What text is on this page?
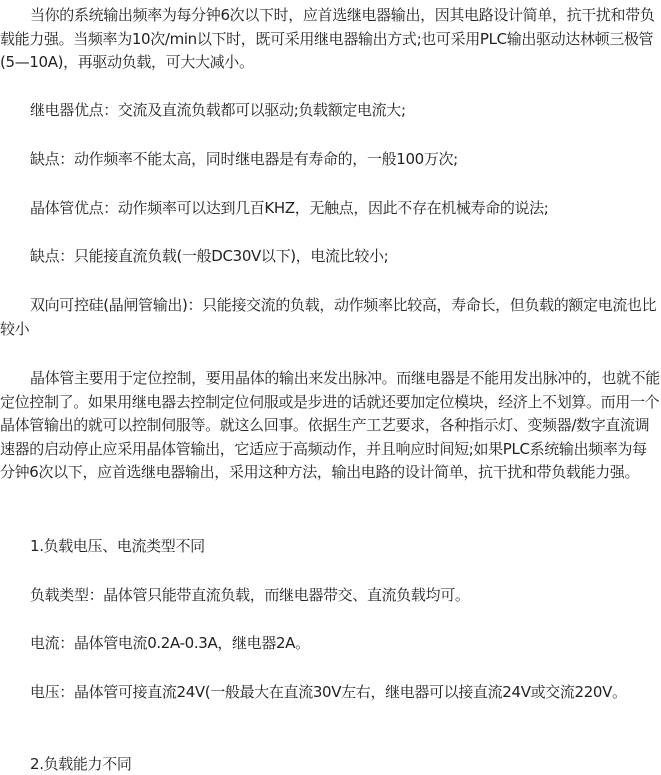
当你的系统输出频率为每分钟6次以下时，应首选继电器输出，因其电路设计简单，抗干扰和带负载能力强。当频率为10次/min以下时，既可采用继电器输出方式;也可采用PLC输出驱动达林顿三极管(5—10A)，再驱动负载，可大大减小。

继电器优点：交流及直流负载都可以驱动;负载额定电流大;

缺点：动作频率不能太高，同时继电器是有寿命的，一般100万次;

晶体管优点：动作频率可以达到几百KHZ，无触点，因此不存在机械寿命的说法;

缺点：只能接直流负载(一般DC30V以下)，电流比较小;

双向可控硅(晶闸管输出)：只能接交流的负载，动作频率比较高，寿命长，但负载的额定电流也比较小

晶体管主要用于定位控制，要用晶体的输出来发出脉冲。而继电器是不能用发出脉冲的，也就不能定位控制了。如果用继电器去控制定位伺服或是步进的话就还要加定位模块，经济上不划算。而用一个晶体管输出的就可以控制伺服等。就这么回事。依据生产工艺要求，各种指示灯、变频器/数字直流调速器的启动停止应采用晶体管输出，它适应于高频动作，并且响应时间短;如果PLC系统输出频率为每分钟6次以下，应首选继电器输出，采用这种方法，输出电路的设计简单，抗干扰和带负载能力强。

1.负载电压、电流类型不同

负载类型：晶体管只能带直流负载，而继电器带交、直流负载均可。

电流：晶体管电流0.2A-0.3A，继电器2A。

电压：晶体管可接直流24V(一般最大在直流30V左右，继电器可以接直流24V或交流220V。

2.负载能力不同
